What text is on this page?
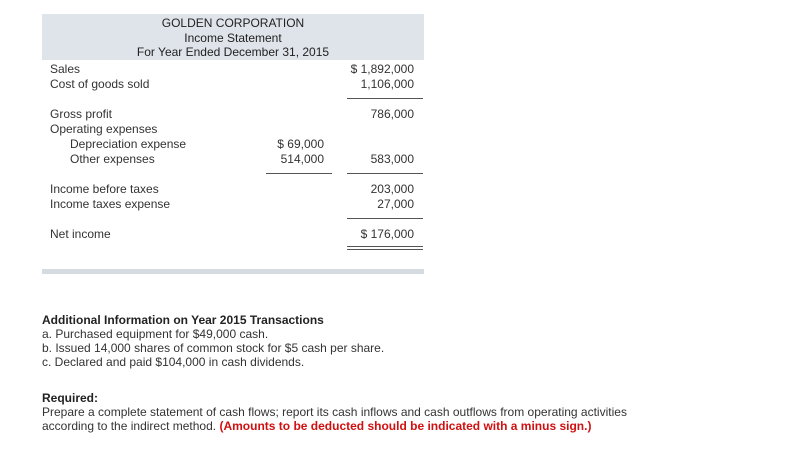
GOLDEN CORPORATION
Income Statement
For Year Ended December 31, 2015
Sales	$ 1,892,000
Cost of goods sold	1,106,000
Gross profit	786,000
Operating expenses
Depreciation expense	$ 69,000
Other expenses	514,000	583,000
Income before taxes	203,000
Income taxes expense	27,000
Net income	$ 176,000
Additional Information on Year 2015 Transactions
a. Purchased equipment for $49,000 cash.
b. Issued 14,000 shares of common stock for $5 cash per share.
c. Declared and paid $104,000 in cash dividends.
Required:
Prepare a complete statement of cash flows; report its cash inflows and cash outflows from operating activities according to the indirect method. (Amounts to be deducted should be indicated with a minus sign.)
